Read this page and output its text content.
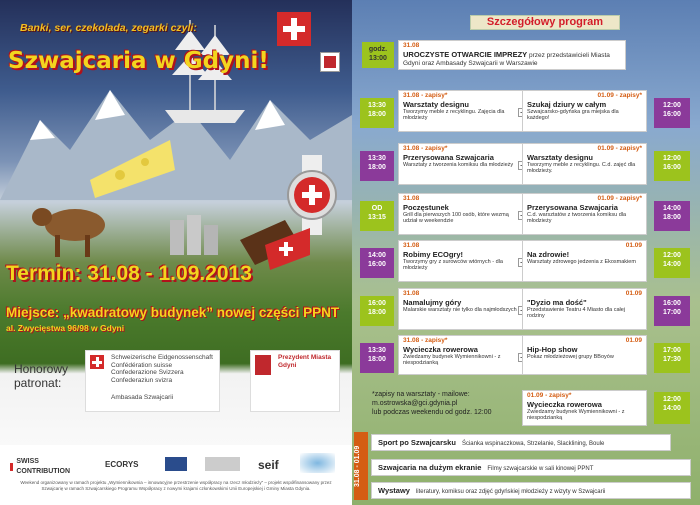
Banki, ser, czekolada, zegarki czyli:
Szwajcaria w Gdyni!
Termin: 31.08 - 1.09.2013
Miejsce: „kwadratowy budynek” nowej części PPNT
al. Zwycięstwa 96/98 w Gdyni
Honorowy patronat:
Schweizerische Eidgenossenschaft
Confédération suisse
Confederazione Svizzera
Confederaziun svizra
Ambasada Szwajcarii
Prezydent Miasta Gdyni
SWISS CONTRIBUTION
ECORYS	seif
Weekend organizowany w ramach projektu „Wymiennikownia – innowacyjne przestrzenie współpracy na rzecz młodzieży” – projekt współfinansowany przez Szwajcarię w ramach Szwajcarskiego Programu Współpracy z nowymi krajami członkowskimi Unii Europejskiej i Gminy Miasta Gdynia.
Szczegółowy program
godz. 13:00
31.08
UROCZYSTE OTWARCIE IMPREZY przez przedstawicieli Miasta Gdyni oraz Ambasady Szwajcarii w Warszawie
13:30
18:00
31.08 - zapisy*
Warsztaty designu
Tworzymy meble z recyklingu. Zajęcia dla młodzieży
01.09 - zapisy*
Szukaj dziury w całym
Szwajcarsko-gdyńska gra miejska dla każdego!
12:00
16:00
13:30
18:00
31.08 - zapisy*
Przerysowana Szwajcaria
Warsztaty z tworzenia komiksu dla młodzieży
01.09 - zapisy*
Warsztaty designu
Tworzymy meble z recyklingu. C.d. zajęć dla młodzieży.
12:00
16:00
OD
13:15
31.08
Poczęstunek
Grill dla pierwszych 100 osób, które wezmą udział w weekendzie
01.09 - zapisy*
Przerysowana Szwajcaria
C.d. warsztatów z tworzenia komiksu dla młodzieży
14:00
18:00
14:00
16:00
31.08
Robimy ECOgry!
Tworzymy gry z surowców wtórnych - dla młodzieży
01.09
Na zdrowie!
Warsztaty zdrowego jedzenia z Ekosmakiem
12:00
14:00
16:00
18:00
31.08
Namalujmy góry
Malarskie warsztaty nie tylko dla najmłodszych
01.09
"Dyzio ma dość"
Przedstawienie Teatru 4 Miasto dla całej rodziny
16:00
17:00
13:30
18:00
31.08 - zapisy*
Wycieczka rowerowa
Zwiedzamy budynek Wymiennikowni - z niespodzianką
01.09
Hip-Hop show
Pokaz młodzieżowej grupy BBoyów
17:00
17:30
*zapisy na warsztaty - mailowe:
m.ostrowska@gci.gdynia.pl
lub podczas weekendu od godz. 12:00
01.09 - zapisy*
Wycieczka rowerowa
Zwiedzamy budynek Wymiennikowni - z niespodzianką
12:00
14:00
31.08 - 01.09
Sport po Szwajcarsku Ścianka wspinaczkowa, Strzelanie, Slacklining, Boule
Szwajcaria na dużym ekranie Filmy szwajcarskie w sali kinowej PPNT
Wystawy literatury, komiksu oraz zdjęć gdyńskiej młodzieży z wizyty w Szwajcarii
